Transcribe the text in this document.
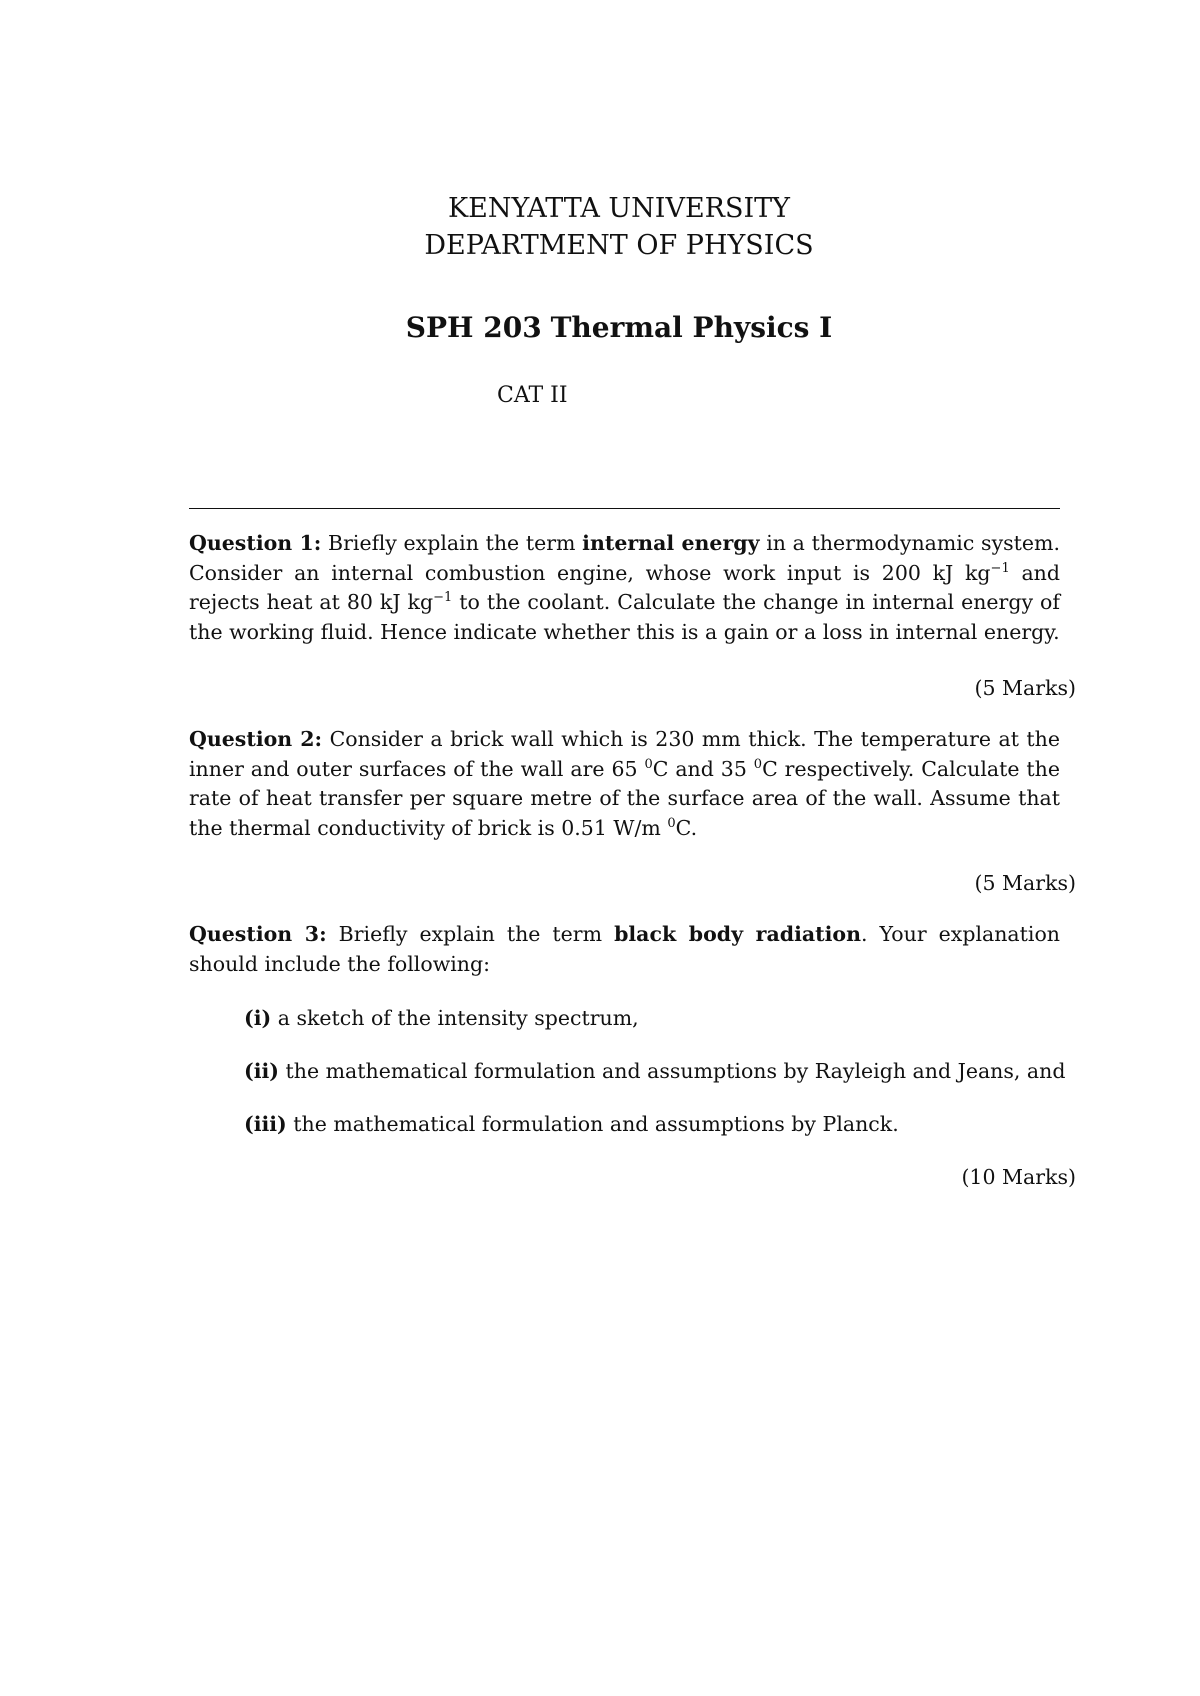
KENYATTA UNIVERSITY
DEPARTMENT OF PHYSICS
SPH 203 Thermal Physics I
CAT II
Question 1: Briefly explain the term internal energy in a thermodynamic system. Consider an internal combustion engine, whose work input is 200 kJ $kg^{-1}$ and rejects heat at 80 kJ $kg^{-1}$ to the coolant. Calculate the change in internal energy of the working fluid. Hence indicate whether this is a gain or a loss in internal energy.
(5 Marks)
Question 2: Consider a brick wall which is 230 mm thick. The temperature at the inner and outer surfaces of the wall are 65 $^0$C and 35 $^0$C respectively. Calculate the rate of heat transfer per square metre of the surface area of the wall. Assume that the thermal conductivity of brick is 0.51 W/m $^0$C.
(5 Marks)
Question 3: Briefly explain the term black body radiation. Your explanation should include the following:
(i) a sketch of the intensity spectrum,
(ii) the mathematical formulation and assumptions by Rayleigh and Jeans, and
(iii) the mathematical formulation and assumptions by Planck.
(10 Marks)
